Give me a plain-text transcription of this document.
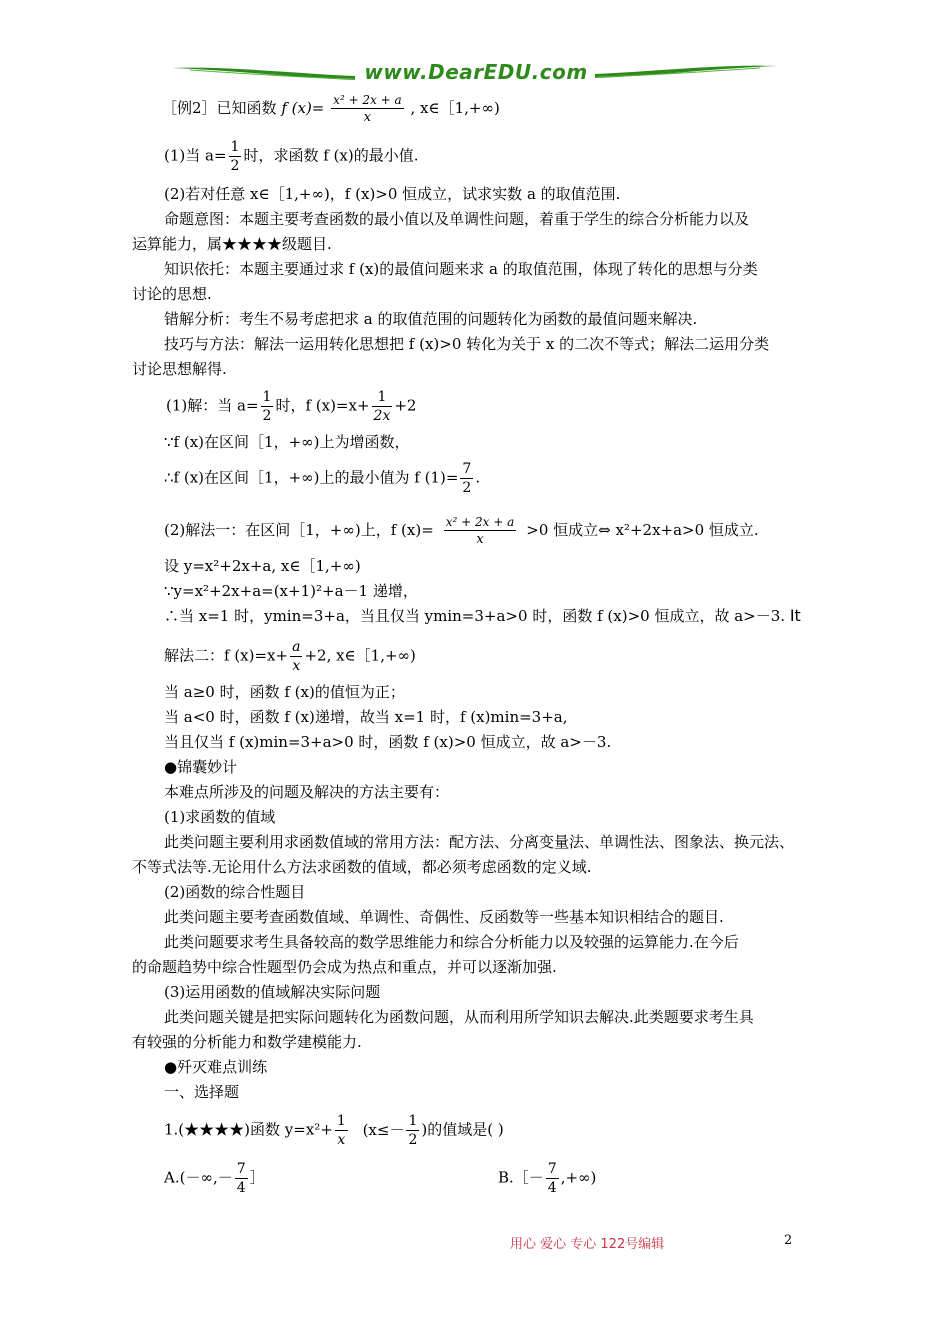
www.DearEDU.com
［例2］已知函数 f $(x)= \frac{\text{x² + 2x + a}}{x}$ , x∈［1,+∞)
(1)当 $a= \frac{1}{2}$ 时，求函数 f (x)的最小值.
(2)若对任意 x∈［1,+∞)，f (x)>0 恒成立，试求实数 a 的取值范围.
命题意图：本题主要考查函数的最小值以及单调性问题，着重于学生的综合分析能力以及
运算能力，属★★★★级题目.
知识依托：本题主要通过求 f (x)的最值问题来求 a 的取值范围，体现了转化的思想与分类
讨论的思想.
错解分析：考生不易考虑把求 a 的取值范围的问题转化为函数的最值问题来解决.
技巧与方法：解法一运用转化思想把 f (x)>0 转化为关于 x 的二次不等式；解法二运用分类
讨论思想解得.
(1)解：当 $a= \frac{1}{2}$ 时，f $(x)=x+ \frac{1}{2x} +2$
∵f (x)在区间［1，+∞)上为增函数，
∴f (x)在区间［1，+∞)上的最小值为 f $(1)= \frac{7}{2}$ .
(2)解法一：在区间［1，+∞)上，f $(x)= \frac{\text{x² + 2x + a}}{x} >0$ 恒成立⇔ x²+2x+a>0 恒成立.
设 y=x²+2x+a, x∈［1,+∞)
∵y=x²+2x+a=(x+1)²+a－1 递增，
∴当 x=1 时，ymin=3+a，当且仅当 ymin=3+a>0 时，函数 f (x)>0 恒成立，故 a>－3. It
解法二：f $(x)=x+ \frac{a}{x} +2$, x∈［1,+∞)
当 a≥0 时，函数 f (x)的值恒为正；
当 a<0 时，函数 f (x)递增，故当 x=1 时，f (x)min=3+a,
当且仅当 f (x)min=3+a>0 时，函数 f (x)>0 恒成立，故 a>－3.
●锦囊妙计
本难点所涉及的问题及解决的方法主要有：
(1)求函数的值域
此类问题主要利用求函数值域的常用方法：配方法、分离变量法、单调性法、图象法、换元法、
不等式法等.无论用什么方法求函数的值域，都必须考虑函数的定义域.
(2)函数的综合性题目
此类问题主要考查函数值域、单调性、奇偶性、反函数等一些基本知识相结合的题目.
此类问题要求考生具备较高的数学思维能力和综合分析能力以及较强的运算能力.在今后
的命题趋势中综合性题型仍会成为热点和重点，并可以逐渐加强.
(3)运用函数的值域解决实际问题
此类问题关键是把实际问题转化为函数问题，从而利用所学知识去解决.此类题要求考生具
有较强的分析能力和数学建模能力.
●歼灭难点训练
一、选择题
1.(★★★★)函数 $y=x^2+ \frac{1}{x} (x\le- \frac{1}{2}$ )的值域是( )
$A.(-\infty,- \frac{7}{4}$ ］	B.［－ $\frac{7}{4}$ ,+∞)
用心 爱心 专心 122号编辑	2
